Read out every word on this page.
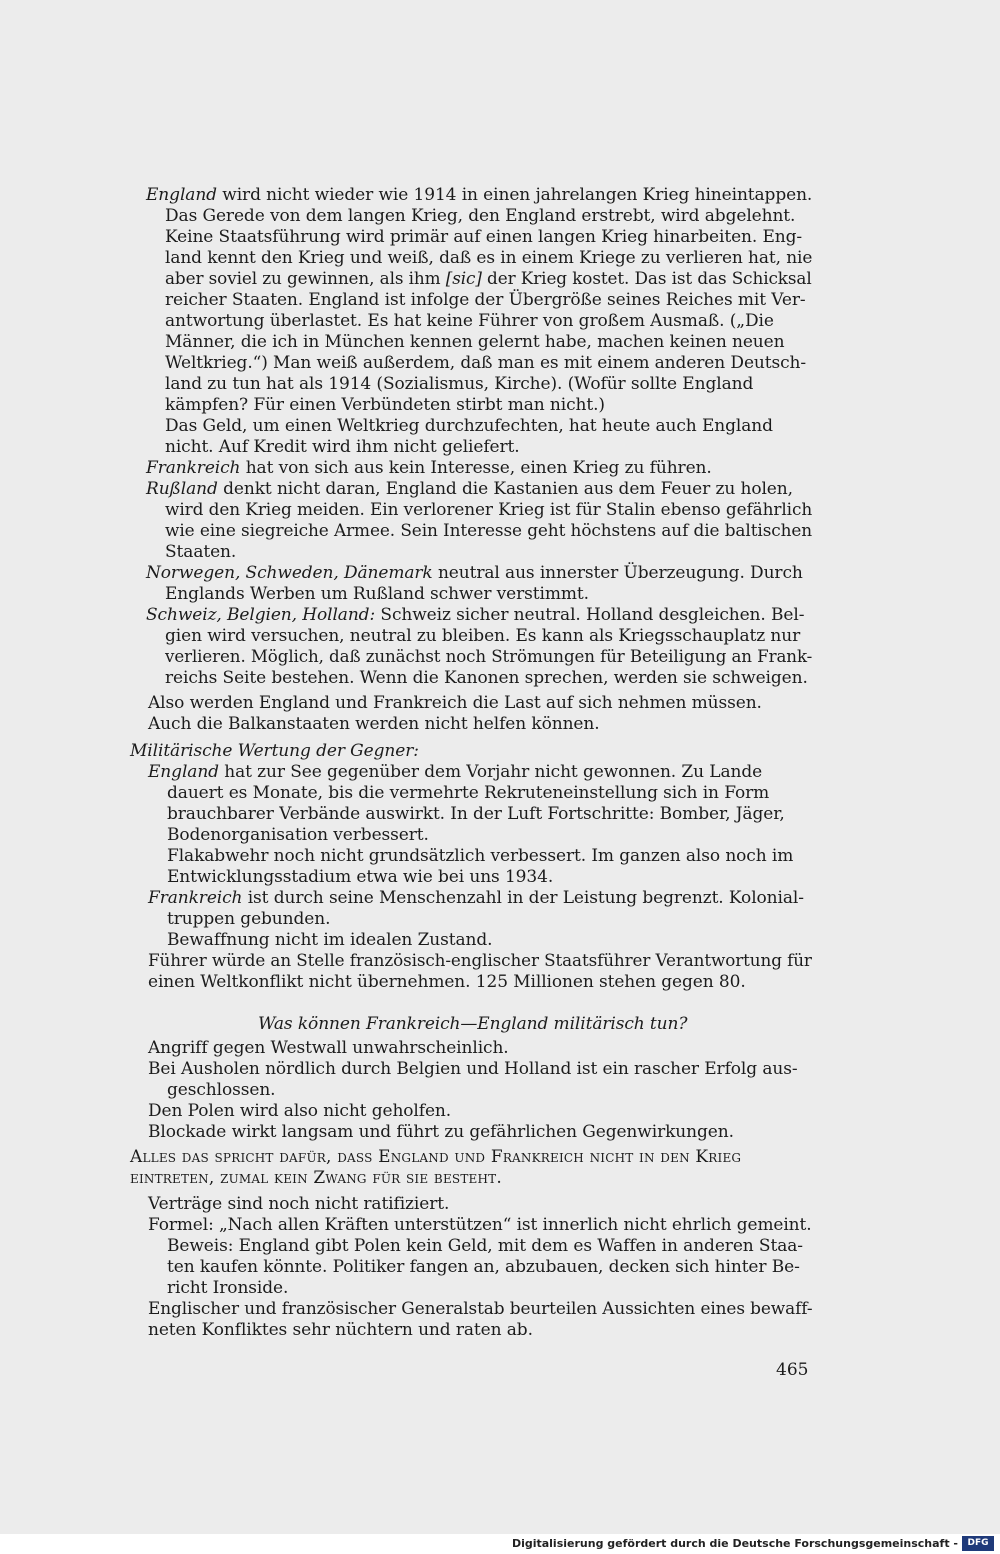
England wird nicht wieder wie 1914 in einen jahrelangen Krieg hineintappen.
Das Gerede von dem langen Krieg, den England erstrebt, wird abgelehnt.
Keine Staatsführung wird primär auf einen langen Krieg hinarbeiten. Eng-
land kennt den Krieg und weiß, daß es in einem Kriege zu verlieren hat, nie
aber soviel zu gewinnen, als ihm [sic] der Krieg kostet. Das ist das Schicksal
reicher Staaten. England ist infolge der Übergröße seines Reiches mit Ver-
antwortung überlastet. Es hat keine Führer von großem Ausmaß. („Die
Männer, die ich in München kennen gelernt habe, machen keinen neuen
Weltkrieg.“) Man weiß außerdem, daß man es mit einem anderen Deutsch-
land zu tun hat als 1914 (Sozialismus, Kirche). (Wofür sollte England
kämpfen? Für einen Verbündeten stirbt man nicht.)
Das Geld, um einen Weltkrieg durchzufechten, hat heute auch England
nicht. Auf Kredit wird ihm nicht geliefert.
Frankreich hat von sich aus kein Interesse, einen Krieg zu führen.
Rußland denkt nicht daran, England die Kastanien aus dem Feuer zu holen,
wird den Krieg meiden. Ein verlorener Krieg ist für Stalin ebenso gefährlich
wie eine siegreiche Armee. Sein Interesse geht höchstens auf die baltischen
Staaten.
Norwegen, Schweden, Dänemark neutral aus innerster Überzeugung. Durch
Englands Werben um Rußland schwer verstimmt.
Schweiz, Belgien, Holland: Schweiz sicher neutral. Holland desgleichen. Bel-
gien wird versuchen, neutral zu bleiben. Es kann als Kriegsschauplatz nur
verlieren. Möglich, daß zunächst noch Strömungen für Beteiligung an Frank-
reichs Seite bestehen. Wenn die Kanonen sprechen, werden sie schweigen.
Also werden England und Frankreich die Last auf sich nehmen müssen.
Auch die Balkanstaaten werden nicht helfen können.
Militärische Wertung der Gegner:
England hat zur See gegenüber dem Vorjahr nicht gewonnen. Zu Lande
dauert es Monate, bis die vermehrte Rekruteneinstellung sich in Form
brauchbarer Verbände auswirkt. In der Luft Fortschritte: Bomber, Jäger,
Bodenorganisation verbessert.
Flakabwehr noch nicht grundsätzlich verbessert. Im ganzen also noch im
Entwicklungsstadium etwa wie bei uns 1934.
Frankreich ist durch seine Menschenzahl in der Leistung begrenzt. Kolonial-
truppen gebunden.
Bewaffnung nicht im idealen Zustand.
Führer würde an Stelle französisch-englischer Staatsführer Verantwortung für
einen Weltkonflikt nicht übernehmen. 125 Millionen stehen gegen 80.
Was können Frankreich—England militärisch tun?
Angriff gegen Westwall unwahrscheinlich.
Bei Ausholen nördlich durch Belgien und Holland ist ein rascher Erfolg aus-
geschlossen.
Den Polen wird also nicht geholfen.
Blockade wirkt langsam und führt zu gefährlichen Gegenwirkungen.
Alles das spricht dafür, dass England und Frankreich nicht in den Krieg
eintreten, zumal kein Zwang für sie besteht.
Verträge sind noch nicht ratifiziert.
Formel: „Nach allen Kräften unterstützen“ ist innerlich nicht ehrlich gemeint.
Beweis: England gibt Polen kein Geld, mit dem es Waffen in anderen Staa-
ten kaufen könnte. Politiker fangen an, abzubauen, decken sich hinter Be-
richt Ironside.
Englischer und französischer Generalstab beurteilen Aussichten eines bewaff-
neten Konfliktes sehr nüchtern und raten ab.
465
Digitalisierung gefördert durch die Deutsche Forschungsgemeinschaft -	DFG
